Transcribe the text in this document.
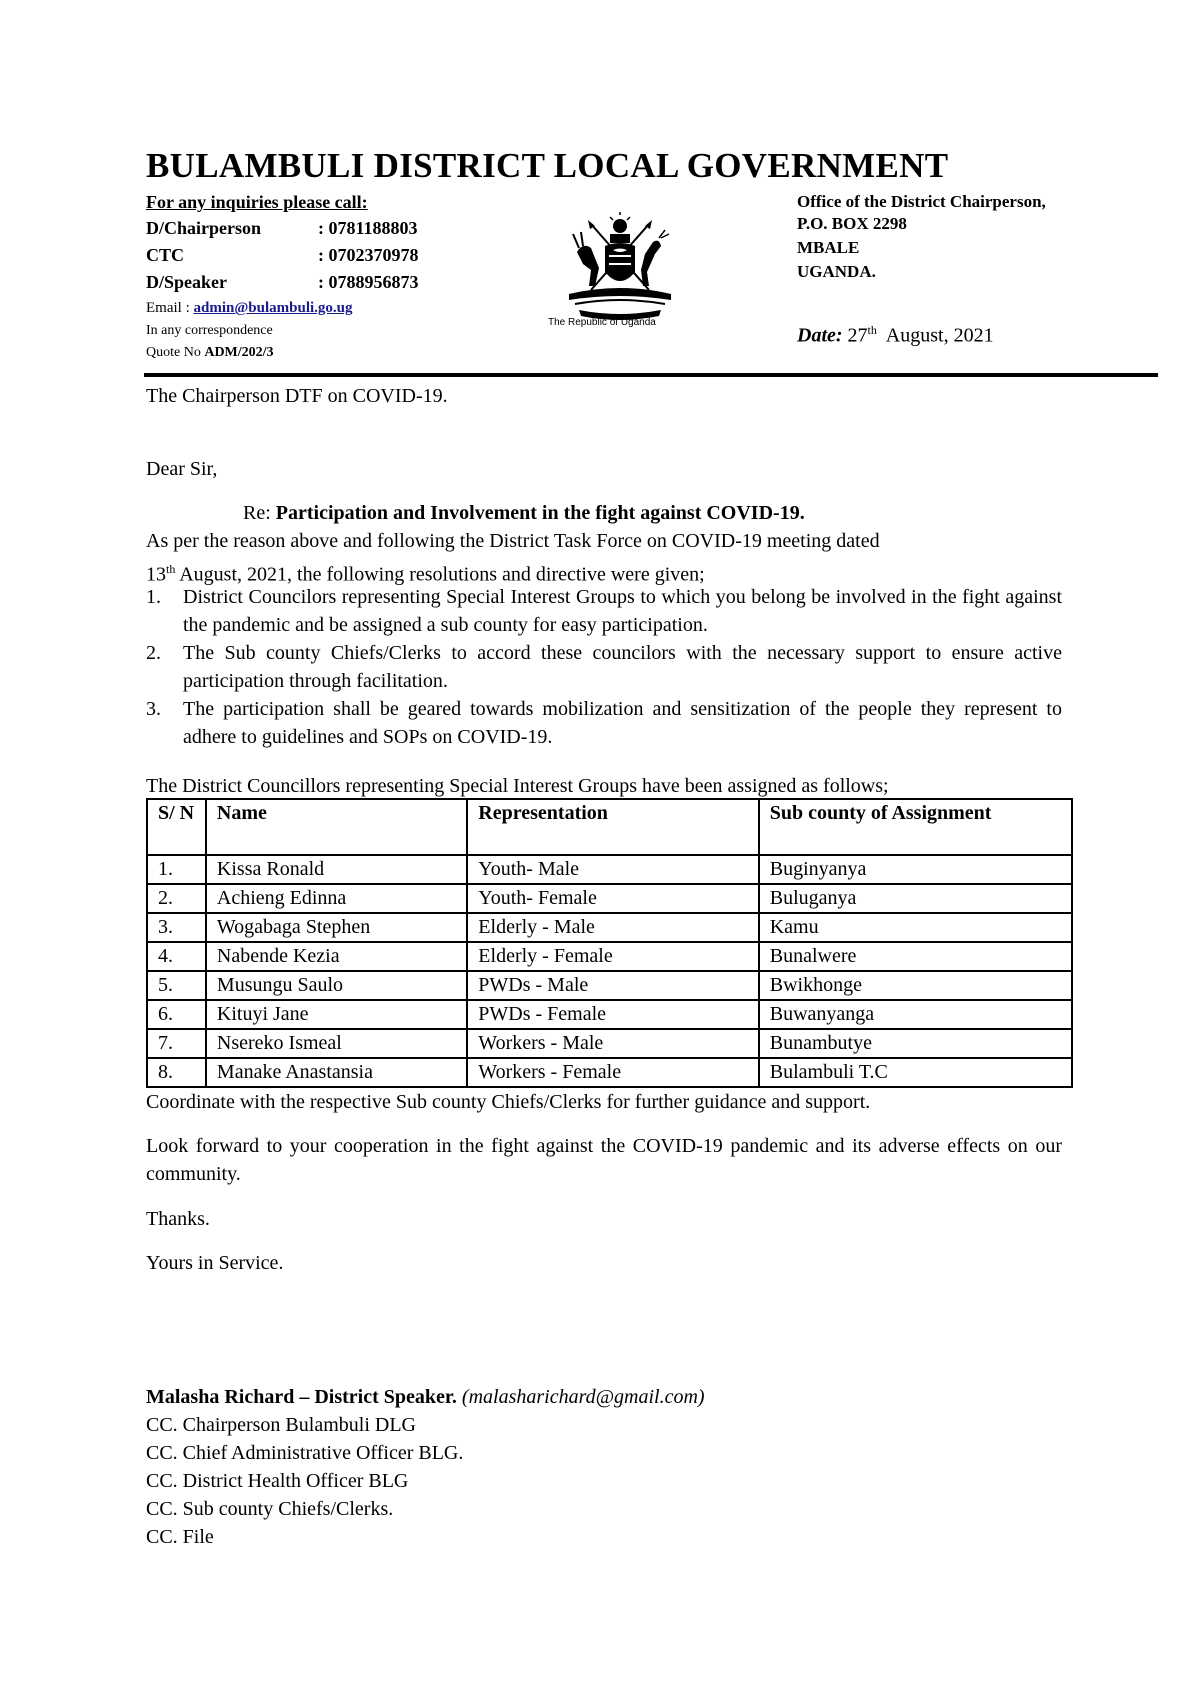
BULAMBULI DISTRICT LOCAL GOVERNMENT
For any inquiries please call:
D/Chairperson	: 0781188803
CTC	: 0702370978
D/Speaker	: 0788956873
Email : admin@bulambuli.go.ug
In any correspondence
Quote No ADM/202/3
The Republic of Uganda
Office of the District Chairperson,
P.O. BOX 2298
MBALE
UGANDA.
Date: 27th August, 2021
The Chairperson DTF on COVID-19.
Dear Sir,
Re: Participation and Involvement in the fight against COVID-19.
As per the reason above and following the District Task Force on COVID-19 meeting dated
13th August, 2021, the following resolutions and directive were given;
1. District Councilors representing Special Interest Groups to which you belong be involved in the fight against the pandemic and be assigned a sub county for easy participation.
2. The Sub county Chiefs/Clerks to accord these councilors with the necessary support to ensure active participation through facilitation.
3. The participation shall be geared towards mobilization and sensitization of the people they represent to adhere to guidelines and SOPs on COVID-19.
The District Councillors representing Special Interest Groups have been assigned as follows;
S/ N	Name	Representation	Sub county of Assignment
1.	Kissa Ronald	Youth- Male	Buginyanya
2.	Achieng Edinna	Youth- Female	Buluganya
3.	Wogabaga Stephen	Elderly - Male	Kamu
4.	Nabende Kezia	Elderly - Female	Bunalwere
5.	Musungu Saulo	PWDs - Male	Bwikhonge
6.	Kituyi Jane	PWDs - Female	Buwanyanga
7.	Nsereko Ismeal	Workers - Male	Bunambutye
8.	Manake Anastansia	Workers - Female	Bulambuli T.C
Coordinate with the respective Sub county Chiefs/Clerks for further guidance and support.
Look forward to your cooperation in the fight against the COVID-19 pandemic and its adverse effects on our community.
Thanks.
Yours in Service.
Malasha Richard – District Speaker. (malasharichard@gmail.com)
CC. Chairperson Bulambuli DLG
CC. Chief Administrative Officer BLG.
CC. District Health Officer BLG
CC. Sub county Chiefs/Clerks.
CC. File
